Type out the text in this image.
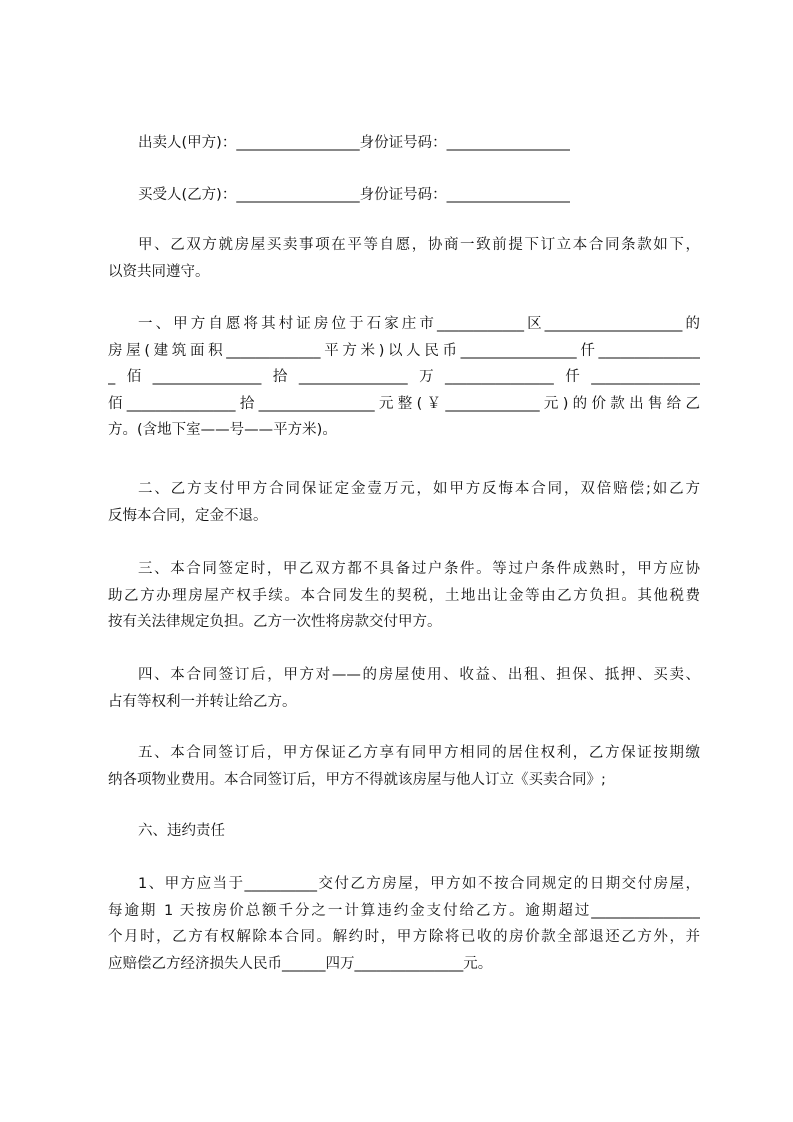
出卖人(甲方)：_________________身份证号码：_________________
买受人(乙方)：_________________身份证号码：_________________
甲、乙双方就房屋买卖事项在平等自愿，协商一致前提下订立本合同条款如下，
以资共同遵守。
一、甲方自愿将其村证房位于石家庄市____________区___________________的
房屋(建筑面积_____________平方米)以人民币________________仟______________
_佰_______________拾_______________万_______________仟_______________
佰_______________拾________________元整(￥_____________元)的价款出售给乙
方。(含地下室——号——平方米)。
二、乙方支付甲方合同保证定金壹万元，如甲方反悔本合同，双倍赔偿;如乙方
反悔本合同，定金不退。
三、本合同签定时，甲乙双方都不具备过户条件。等过户条件成熟时，甲方应协
助乙方办理房屋产权手续。本合同发生的契税，土地出让金等由乙方负担。其他税费
按有关法律规定负担。乙方一次性将房款交付甲方。
四、本合同签订后，甲方对——的房屋使用、收益、出租、担保、抵押、买卖、
占有等权利一并转让给乙方。
五、本合同签订后，甲方保证乙方享有同甲方相同的居住权利，乙方保证按期缴
纳各项物业费用。本合同签订后，甲方不得就该房屋与他人订立《买卖合同》;
六、违约责任
1、甲方应当于__________交付乙方房屋，甲方如不按合同规定的日期交付房屋，
每逾期 1 天按房价总额千分之一计算违约金支付给乙方。逾期超过_______________
个月时，乙方有权解除本合同。解约时，甲方除将已收的房价款全部退还乙方外，并
应赔偿乙方经济损失人民币______四万_______________元。
